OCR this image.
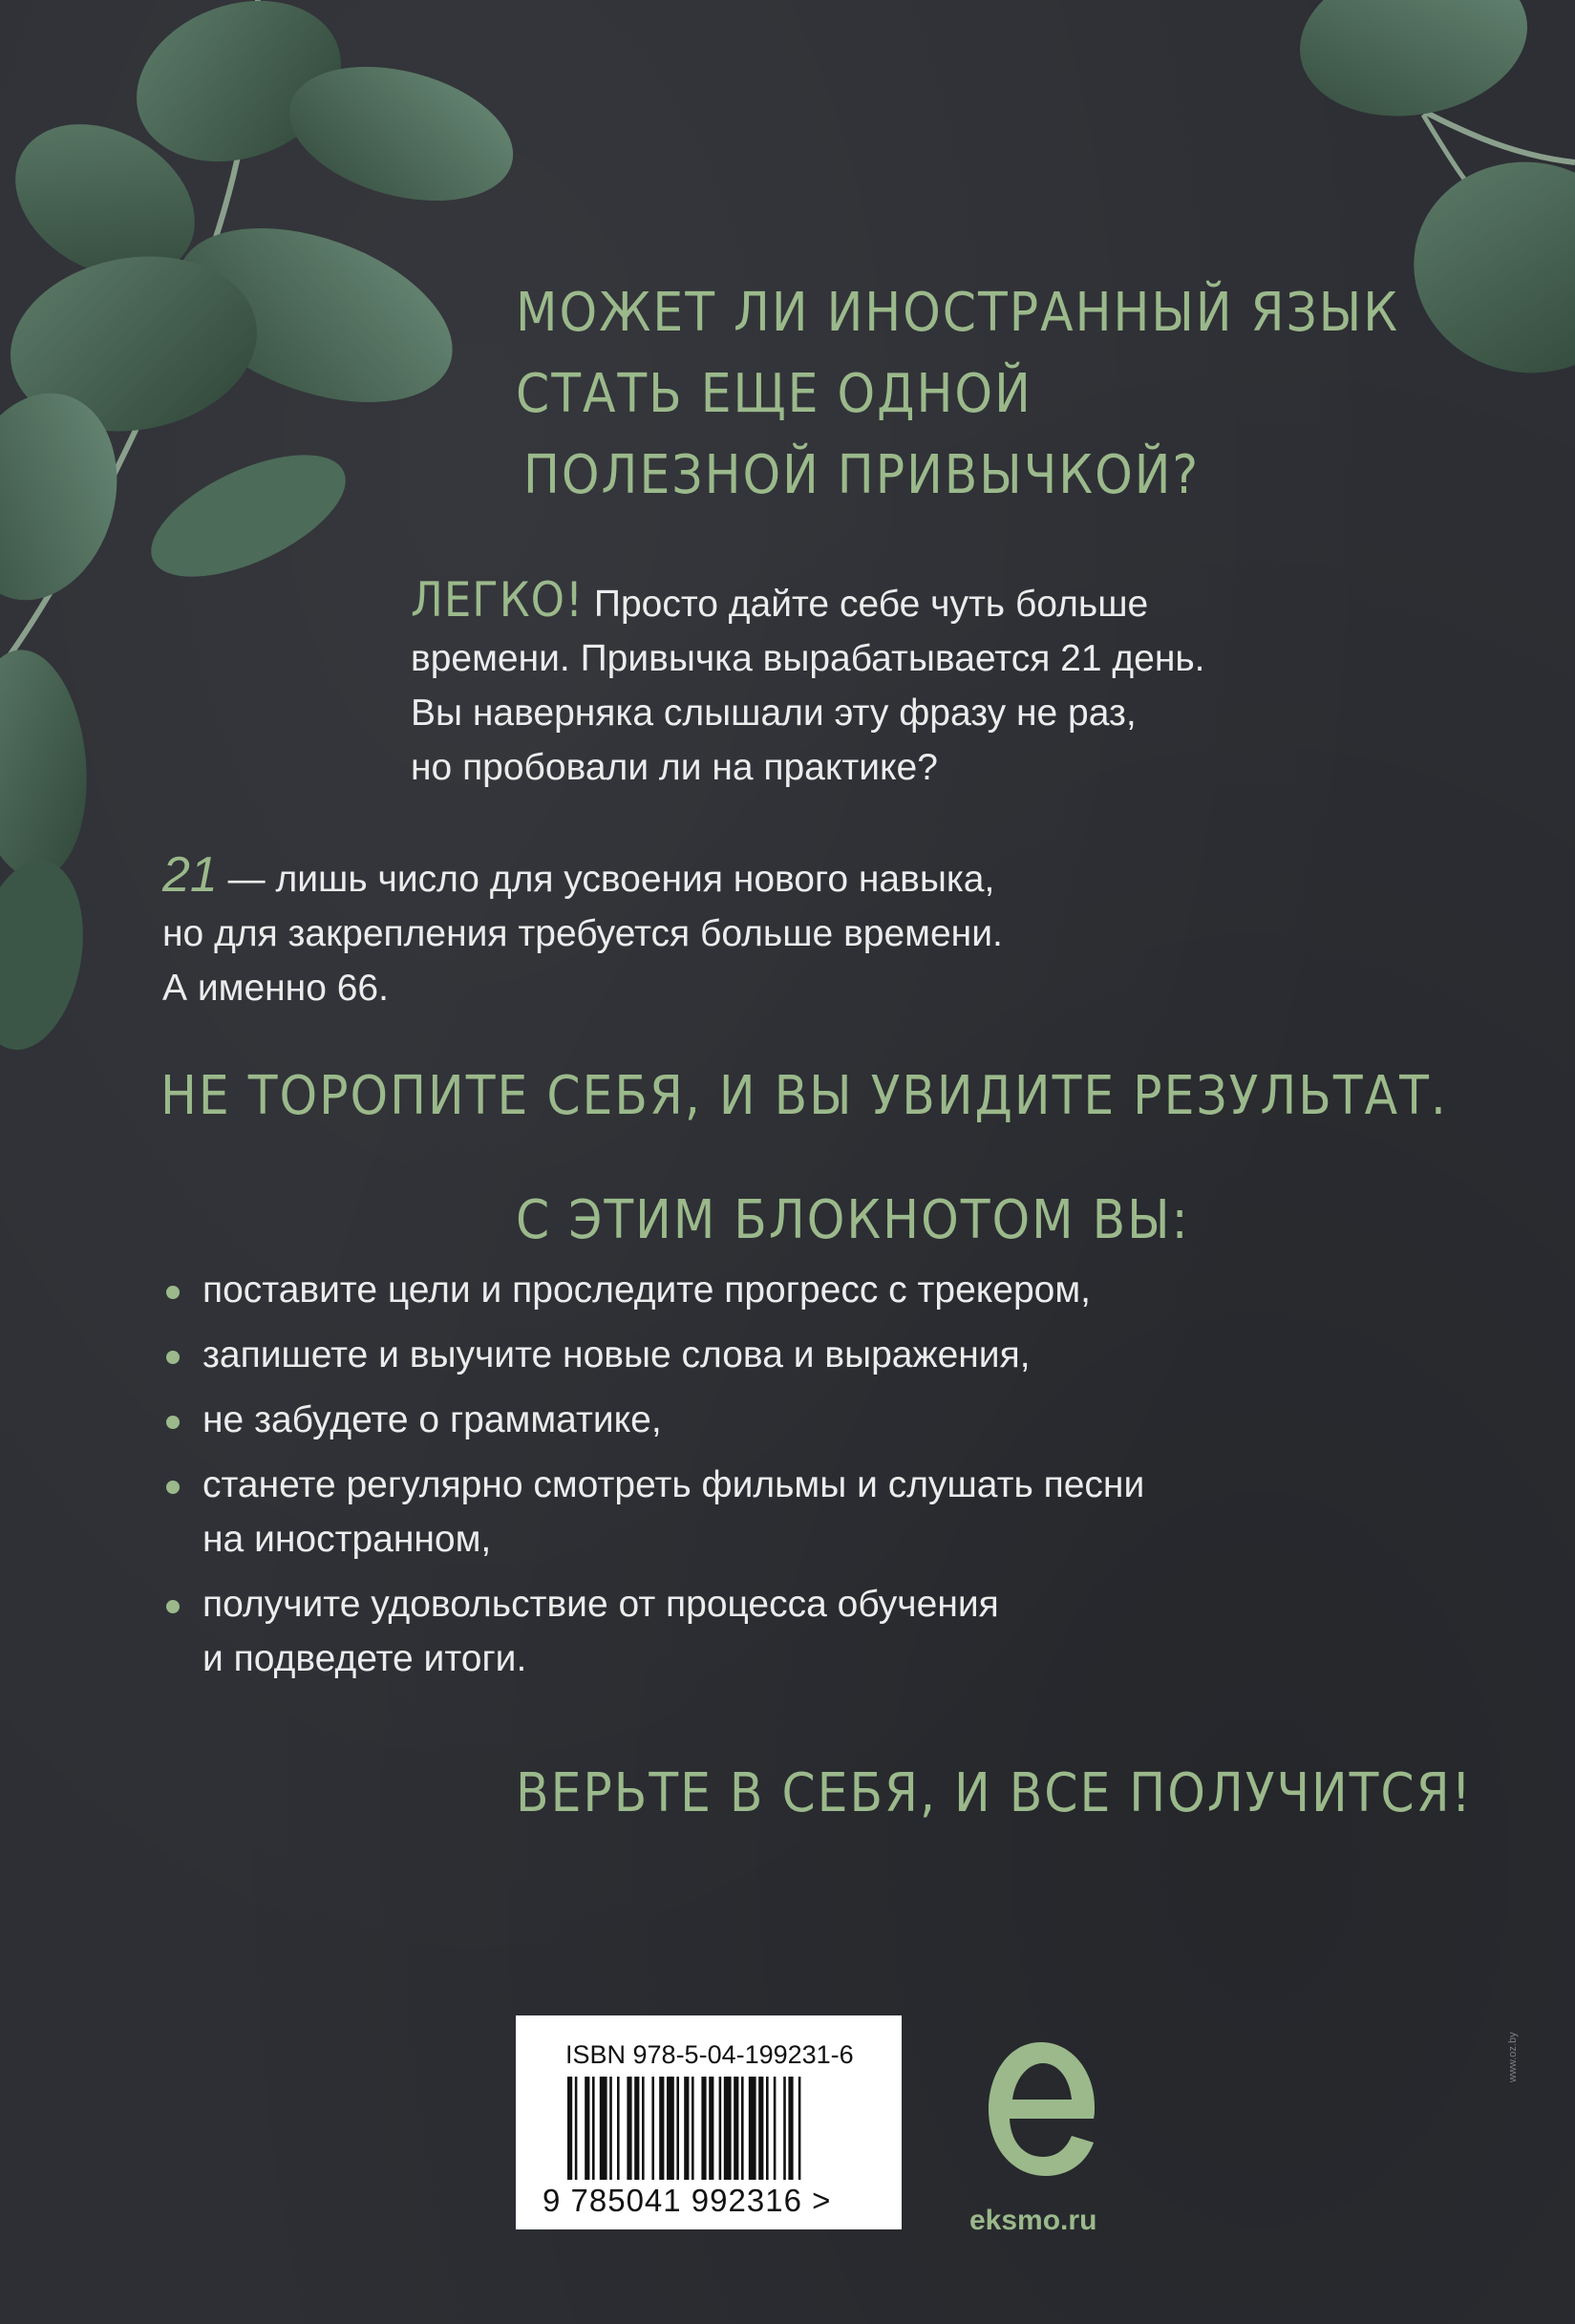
МОЖЕТ ЛИ ИНОСТРАННЫЙ ЯЗЫК
СТАТЬ ЕЩЕ ОДНОЙ
ПОЛЕЗНОЙ ПРИВЫЧКОЙ?
ЛЕГКО! Просто дайте себе чуть больше
времени. Привычка вырабатывается 21 день.
Вы наверняка слышали эту фразу не раз,
но пробовали ли на практике?
21 — лишь число для усвоения нового навыка,
но для закрепления требуется больше времени.
А именно 66.
НЕ ТОРОПИТЕ СЕБЯ, И ВЫ УВИДИТЕ РЕЗУЛЬТАТ.
С ЭТИМ БЛОКНОТОМ ВЫ:
поставите цели и проследите прогресс с трекером,
запишете и выучите новые слова и выражения,
не забудете о грамматике,
станете регулярно смотреть фильмы и слушать песни
на иностранном,
получите удовольствие от процесса обучения
и подведете итоги.
ВЕРЬТЕ В СЕБЯ, И ВСЕ ПОЛУЧИТСЯ!
ISBN 978-5-04-199231-6
9 785041 992316 >
eksmo.ru
www.oz.by
